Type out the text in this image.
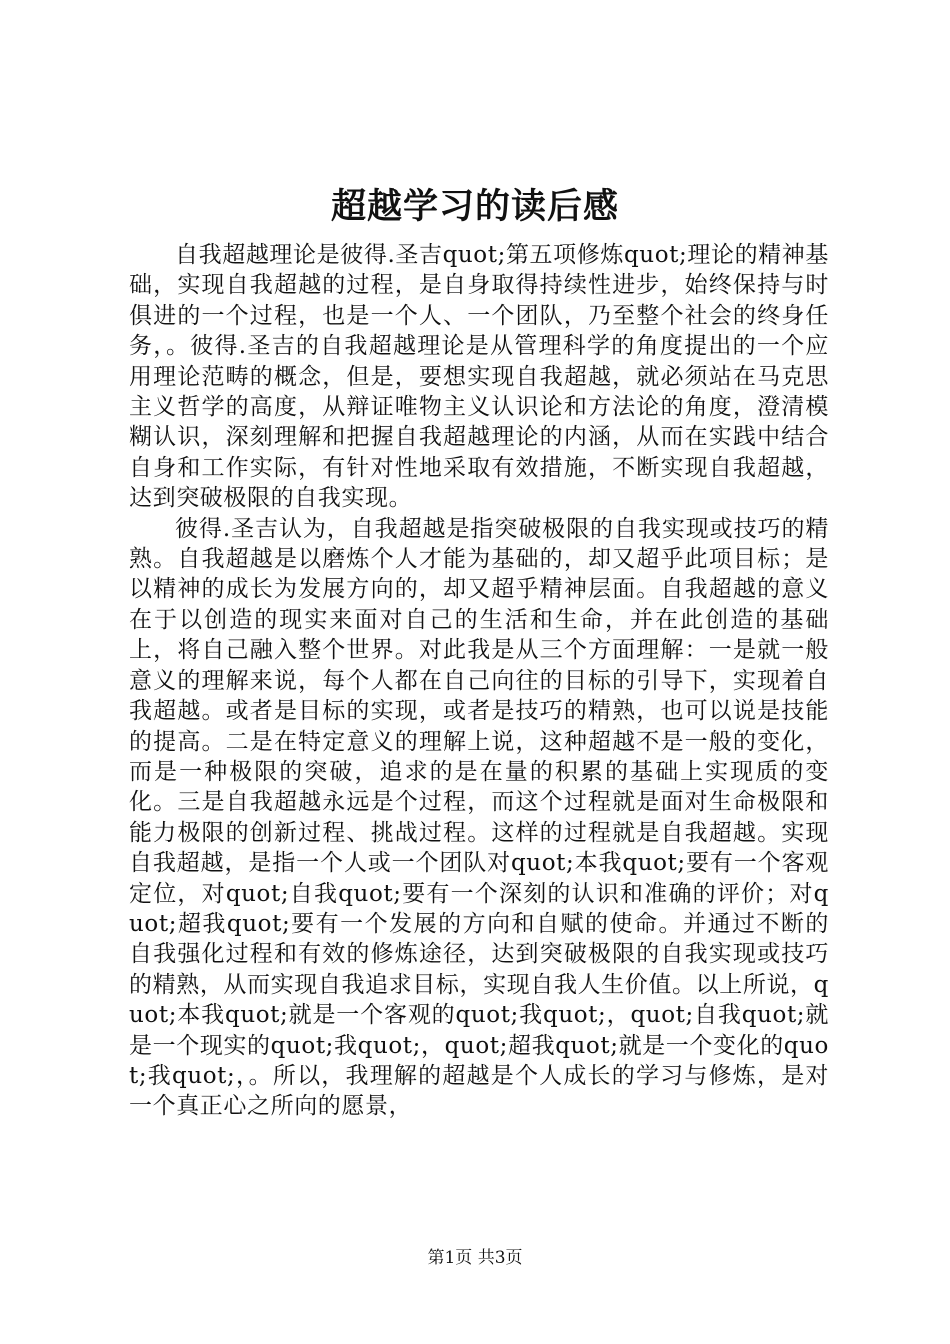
超越学习的读后感

自我超越理论是彼得.圣吉quot;第五项修炼quot;理论的精神基础，实现自我超越的过程，是自身取得持续性进步，始终保持与时俱进的一个过程，也是一个人、一个团队，乃至整个社会的终身任务，。彼得.圣吉的自我超越理论是从管理科学的角度提出的一个应用理论范畴的概念，但是，要想实现自我超越，就必须站在马克思主义哲学的高度，从辩证唯物主义认识论和方法论的角度，澄清模糊认识，深刻理解和把握自我超越理论的内涵，从而在实践中结合自身和工作实际，有针对性地采取有效措施，不断实现自我超越，达到突破极限的自我实现。

彼得.圣吉认为，自我超越是指突破极限的自我实现或技巧的精熟。自我超越是以磨炼个人才能为基础的，却又超乎此项目标；是以精神的成长为发展方向的，却又超乎精神层面。自我超越的意义在于以创造的现实来面对自己的生活和生命，并在此创造的基础上，将自己融入整个世界。对此我是从三个方面理解：一是就一般意义的理解来说，每个人都在自己向往的目标的引导下，实现着自我超越。或者是目标的实现，或者是技巧的精熟，也可以说是技能的提高。二是在特定意义的理解上说，这种超越不是一般的变化，而是一种极限的突破，追求的是在量的积累的基础上实现质的变化。三是自我超越永远是个过程，而这个过程就是面对生命极限和能力极限的创新过程、挑战过程。这样的过程就是自我超越。实现自我超越，是指一个人或一个团队对quot;本我quot;要有一个客观定位，对quot;自我quot;要有一个深刻的认识和准确的评价；对quot;超我quot;要有一个发展的方向和自赋的使命。并通过不断的自我强化过程和有效的修炼途径，达到突破极限的自我实现或技巧的精熟，从而实现自我追求目标，实现自我人生价值。以上所说，quot;本我quot;就是一个客观的quot;我quot;，quot;自我quot;就是一个现实的quot;我quot;，quot;超我quot;就是一个变化的quot;我quot;，。所以，我理解的超越是个人成长的学习与修炼，是对一个真正心之所向的愿景，

第1页 共3页
